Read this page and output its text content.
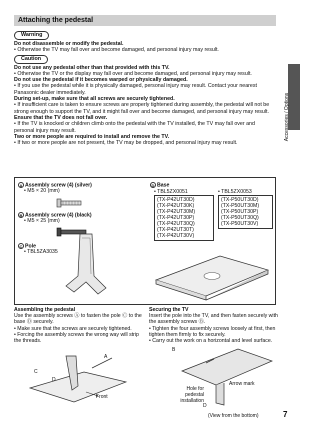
Attaching the pedestal
Accessories / Options
Warning
Do not disassemble or modify the pedestal.
• Otherwise the TV may fall over and become damaged, and personal injury may result.
Caution
Do not use any pedestal other than that provided with this TV.
• Otherwise the TV or the display may fall over and become damaged, and personal injury may result.
Do not use the pedestal if it becomes warped or physically damaged.
• If you use the pedestal while it is physically damaged, personal injury may result. Contact your nearest Panasonic dealer immediately.
During set-up, make sure that all screws are securely tightened.
• If insufficient care is taken to ensure screws are properly tightened during assembly, the pedestal will not be strong enough to support the TV, and it might fall over and become damaged, and personal injury may result.
Ensure that the TV does not fall over.
• If the TV is knocked or children climb onto the pedestal with the TV installed, the TV may fall over and personal injury may result.
Two or more people are required to install and remove the TV.
• If two or more people are not present, the TV may be dropped, and personal injury may result.
A Assembly screw (4) (silver)
• M5 × 20 (mm)
B Assembly screw (4) (black)
• M5 × 25 (mm)
C Pole
• TBL5ZA3035
D Base
• TBL5ZX0051
(TX-P42UT30D)
(TX-P42UT30K)
(TX-P42UT30M)
(TX-P42UT30P)
(TX-P42UT30Q)
(TX-P42UT30T)
(TX-P42UT30V)
• TBL5ZX0053
(TX-P50UT30D)
(TX-P50UT30M)
(TX-P50UT30P)
(TX-P50UT30Q)
(TX-P50UT30V)
Assembling the pedestal
Use the assembly screws Ⓐ to fasten the pole Ⓒ to the base Ⓓ securely.
• Make sure that the screws are securely tightened.
• Forcing the assembly screws the wrong way will strip the threads.
A
C
D
Front
Securing the TV
Insert the pole into the TV, and then fasten securely with the assembly screws Ⓑ.
• Tighten the four assembly screws loosely at first, then tighten them firmly to fix securely.
• Carry out the work on a horizontal and level surface.
B
Arrow mark
Hole for pedestal installation
D
(View from the bottom)	7
